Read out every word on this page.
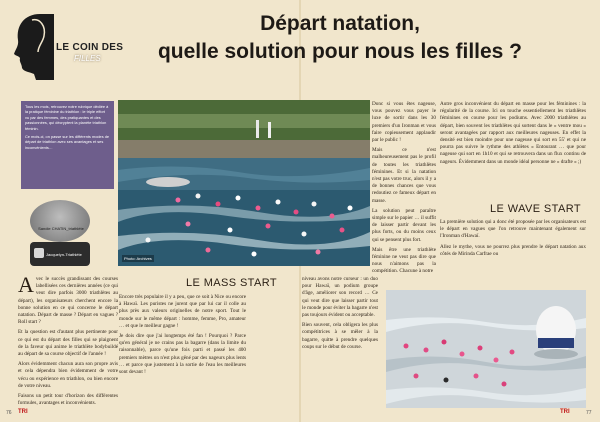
LE COIN DES
FILLES
Départ natation,
quelle solution pour nous les filles ?

Tous les mois, retrouvez notre rubrique dédiée à la pratique féminine du triathlon : le triple effort vu par des femmes, des pratiquantes et des passionnées, qui décryptent la planète triathlon féminin.

Ce mois-ci, on passe sur les différents modes de départ de triathlon avec ses avantages et ses inconvénients…

Sandie CHATIN_triathlète
Jacquelyn-Triathlète
A vec le succès grandissant des courses labellisées ces dernières années (ce qui veut dire parfois 3000 triathlètes au départ), les organisateurs cherchent encore la bonne solution en ce qui concerne le départ natation. Départ de masse ? Départ en vagues ? Roll start ?

Et la question est d'autant plus pertinente pour ce qui est du départ des filles qui se plaignent de la faveur qui anime le triathlète bodybuildé au départ de sa course objectif de l'année !

Alors évidemment chacun aura son propre avis et cela dépendra bien évidemment de votre vécu ou expérience en triathlon, ou bien encore de votre niveau.

Faisons un petit tour d'horizon des différentes formules, avantages et inconvénients.

Photo: Archives
LE MASS START

Encore très populaire il y a peu, que ce soit à Nice ou encore à Hawaï. Les puristes ne jurent que par lui car il colle au plus près aux valeurs originelles de notre sport. Tout le monde sur le même départ : homme, femme, Pro, amateur … et que le meilleur gagne !

Je dois dire que j'ai longtemps été fan ! Pourquoi ? Parce qu'en général je ne crains pas la bagarre (dans la limite du raisonnable), parce qu'une fois parti et passé les 400 premiers mètres on n'est plus gêné par des nageurs plus lents … et parce que justement à la sortie de l'eau les meilleures sont devant !

Donc si vous êtes nageuse, vous pouvez vous payer le luxe de sortir dans les 30 premiers d'un Ironman et vous faire copieusement applaudir par le public !

Mais ce n'est malheureusement pas le profil de toutes les triathlètes féminines. Et si la natation n'est pas votre truc, alors il y a de bonnes chances que vous redoutiez ce fameux départ en masse.

La solution peut paraître simple sur le papier … il suffit de laisser partir devant les plus forts, ou du moins ceux qui se pensent plus fort.

Mais être une triathlète féminine ne veut pas dire que nous n'aimons pas la compétition. Chacune à notre

niveau avons notre curseur : un duo pour Hawaï, un podium groupe d'âge, améliorer son record … Ce qui veut dire que laisser partir tout le monde pour éviter la bagarre n'est pas toujours évident ou acceptable.

Bien souvent, cela obligera les plus compétitrices à se mêler à la bagarre, quitte à prendre quelques coups sur le début de course.

Autre gros inconvénient du départ en masse pour les féminines : la régularité de la course. Ici on touche essentiellement les triathlètes féminines en course pour les podiums. Avec 2000 triathlètes au départ, bien souvent les triathlètes qui sortent dans le « ventre mou » seront avantagées par rapport aux meilleures nageuses. En effet la densité est bien moindre pour une nageuse qui sort en 55' et qui ne pourra pas suivre le rythme des athlètes « Entourant … que pour nageuse qui sort en 1h10 et qui se retrouvera dans un flux continu de nageurs. Évidemment dans un monde idéal personne ne « drafte » ;)

LE WAVE START

La première solution qui a donc été proposée par les organisateurs est le départ en vagues que l'on retrouve maintenant également sur l'Ironman d'Hawaï.

Allez le mythe, vous ne pourrez plus prendre le départ natation aux côtés de Mirinda Carfrae ou

76 TRI	TRI	77
